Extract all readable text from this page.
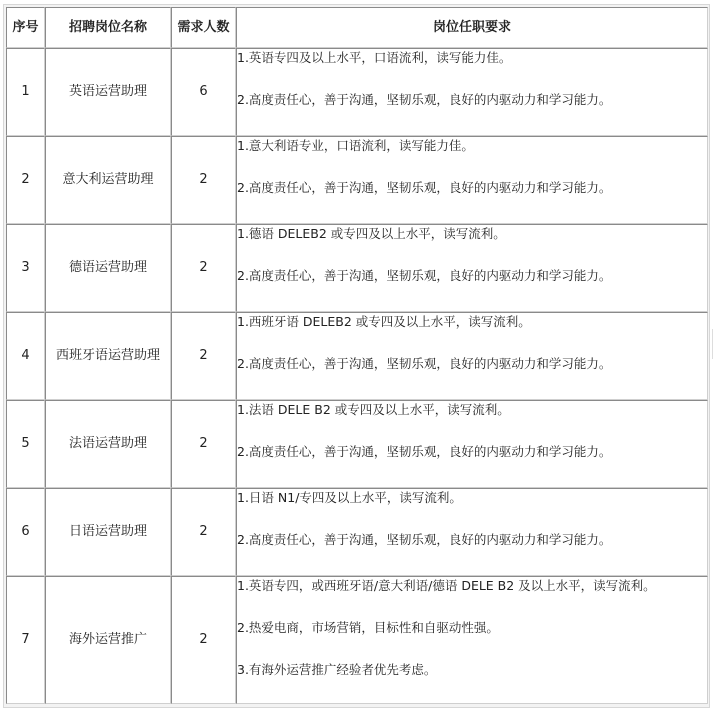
序号	招聘岗位名称	需求人数	岗位任职要求
1	英语运营助理	6	1.英语专四及以上水平，口语流利，读写能力佳。
2.高度责任心，善于沟通，坚韧乐观，良好的内驱动力和学习能力。

2	意大利运营助理	2	1.意大利语专业，口语流利，读写能力佳。
2.高度责任心，善于沟通，坚韧乐观，良好的内驱动力和学习能力。

3	德语运营助理	2	1.德语 DELEB2 或专四及以上水平，读写流利。
2.高度责任心，善于沟通，坚韧乐观，良好的内驱动力和学习能力。

4	西班牙语运营助理	2	1.西班牙语 DELEB2 或专四及以上水平，读写流利。
2.高度责任心，善于沟通，坚韧乐观，良好的内驱动力和学习能力。

5	法语运营助理	2	1.法语 DELE B2 或专四及以上水平，读写流利。
2.高度责任心，善于沟通，坚韧乐观，良好的内驱动力和学习能力。

6	日语运营助理	2	1.日语 N1/专四及以上水平，读写流利。
2.高度责任心，善于沟通，坚韧乐观，良好的内驱动力和学习能力。

7	海外运营推广	2	1.英语专四，或西班牙语/意大利语/德语 DELE B2 及以上水平，读写流利。
2.热爱电商，市场营销，目标性和自驱动性强。
3.有海外运营推广经验者优先考虑。
